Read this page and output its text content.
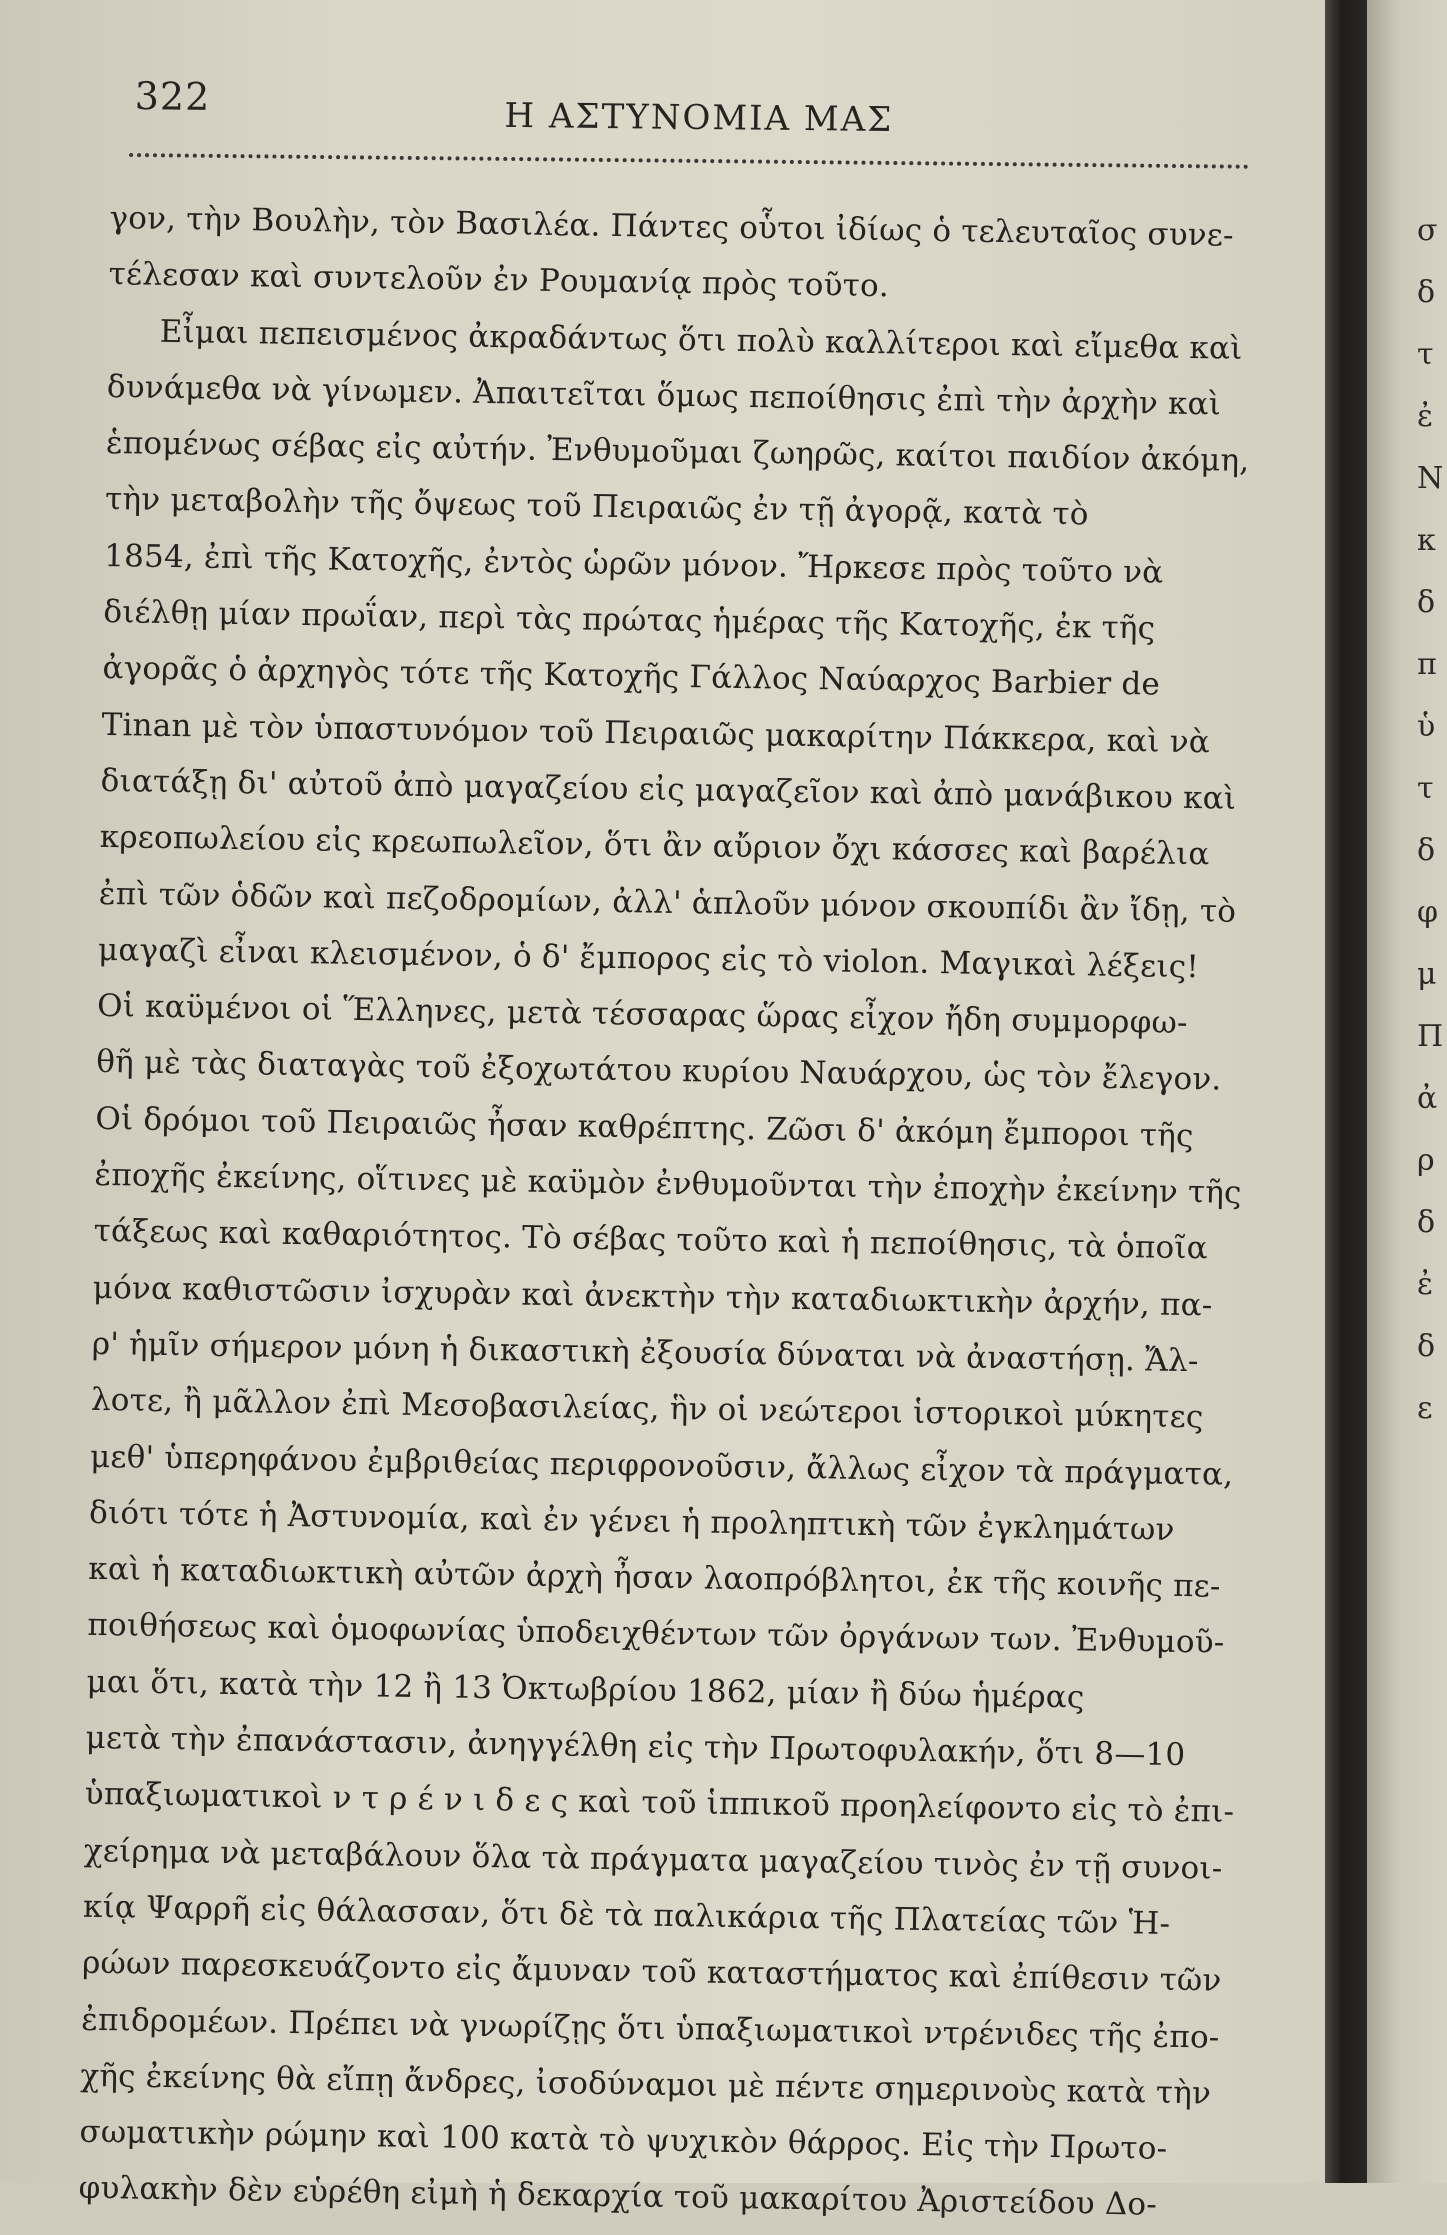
322	Η ΑΣΤΥΝΟΜΙΑ ΜΑΣ
γον, τὴν Βουλὴν, τὸν Βασιλέα. Πάντες οὗτοι ἰδίως ὁ τελευταῖος συνε-
τέλεσαν καὶ συντελοῦν ἐν Ρουμανίᾳ πρὸς τοῦτο.
Εἶμαι πεπεισμένος ἀκραδάντως ὅτι πολὺ καλλίτεροι καὶ εἴμεθα καὶ
δυνάμεθα νὰ γίνωμεν. Ἀπαιτεῖται ὅμως πεποίθησις ἐπὶ τὴν ἀρχὴν καὶ
ἑπομένως σέβας εἰς αὐτήν. Ἐνθυμοῦμαι ζωηρῶς, καίτοι παιδίον ἀκόμη,
τὴν μεταβολὴν τῆς ὄψεως τοῦ Πειραιῶς ἐν τῇ ἀγορᾷ, κατὰ τὸ
1854, ἐπὶ τῆς Κατοχῆς, ἐντὸς ὡρῶν μόνον. Ἤρκεσε πρὸς τοῦτο νὰ
διέλθῃ μίαν πρωΐαν, περὶ τὰς πρώτας ἡμέρας τῆς Κατοχῆς, ἐκ τῆς
ἀγορᾶς ὁ ἀρχηγὸς τότε τῆς Κατοχῆς Γάλλος Ναύαρχος Barbier de
Tinan μὲ τὸν ὑπαστυνόμον τοῦ Πειραιῶς μακαρίτην Πάκκερα, καὶ νὰ
διατάξῃ δι' αὐτοῦ ἀπὸ μαγαζείου εἰς μαγαζεῖον καὶ ἀπὸ μανάβικου καὶ
κρεοπωλείου εἰς κρεωπωλεῖον, ὅτι ἂν αὔριον ὄχι κάσσες καὶ βαρέλια
ἐπὶ τῶν ὁδῶν καὶ πεζοδρομίων, ἀλλ' ἁπλοῦν μόνον σκουπίδι ἂν ἴδῃ, τὸ
μαγαζὶ εἶναι κλεισμένον, ὁ δ' ἔμπορος εἰς τὸ violon. Μαγικαὶ λέξεις!
Οἱ καϋμένοι οἱ Ἕλληνες, μετὰ τέσσαρας ὥρας εἶχον ἤδη συμμορφω-
θῆ μὲ τὰς διαταγὰς τοῦ ἐξοχωτάτου κυρίου Ναυάρχου, ὡς τὸν ἔλεγον.
Οἱ δρόμοι τοῦ Πειραιῶς ἦσαν καθρέπτης. Ζῶσι δ' ἀκόμη ἔμποροι τῆς
ἐποχῆς ἐκείνης, οἵτινες μὲ καϋμὸν ἐνθυμοῦνται τὴν ἐποχὴν ἐκείνην τῆς
τάξεως καὶ καθαριότητος. Τὸ σέβας τοῦτο καὶ ἡ πεποίθησις, τὰ ὁποῖα
μόνα καθιστῶσιν ἰσχυρὰν καὶ ἀνεκτὴν τὴν καταδιωκτικὴν ἀρχήν, πα-
ρ' ἡμῖν σήμερον μόνη ἡ δικαστικὴ ἐξουσία δύναται νὰ ἀναστήσῃ. Ἄλ-
λοτε, ἢ μᾶλλον ἐπὶ Μεσοβασιλείας, ἣν οἱ νεώτεροι ἱστορικοὶ μύκητες
μεθ' ὑπερηφάνου ἐμβριθείας περιφρονοῦσιν, ἄλλως εἶχον τὰ πράγματα,
διότι τότε ἡ Ἀστυνομία, καὶ ἐν γένει ἡ προληπτικὴ τῶν ἐγκλημάτων
καὶ ἡ καταδιωκτικὴ αὐτῶν ἀρχὴ ἦσαν λαοπρόβλητοι, ἐκ τῆς κοινῆς πε-
ποιθήσεως καὶ ὁμοφωνίας ὑποδειχθέντων τῶν ὀργάνων των. Ἐνθυμοῦ-
μαι ὅτι, κατὰ τὴν 12 ἢ 13 Ὀκτωβρίου 1862, μίαν ἢ δύω ἡμέρας
μετὰ τὴν ἐπανάστασιν, ἀνηγγέλθη εἰς τὴν Πρωτοφυλακήν, ὅτι 8—10
ὑπαξιωματικοὶ ν τ ρ έ ν ι δ ε ς καὶ τοῦ ἱππικοῦ προηλείφοντο εἰς τὸ ἐπι-
χείρημα νὰ μεταβάλουν ὅλα τὰ πράγματα μαγαζείου τινὸς ἐν τῇ συνοι-
κίᾳ Ψαρρῆ εἰς θάλασσαν, ὅτι δὲ τὰ παλικάρια τῆς Πλατείας τῶν Ἡ-
ρώων παρεσκευάζοντο εἰς ἄμυναν τοῦ καταστήματος καὶ ἐπίθεσιν τῶν
ἐπιδρομέων. Πρέπει νὰ γνωρίζῃς ὅτι ὑπαξιωματικοὶ ντρένιδες τῆς ἐπο-
χῆς ἐκείνης θὰ εἴπῃ ἄνδρες, ἰσοδύναμοι μὲ πέντε σημερινοὺς κατὰ τὴν
σωματικὴν ρώμην καὶ 100 κατὰ τὸ ψυχικὸν θάρρος. Εἰς τὴν Πρωτο-
φυλακὴν δὲν εὑρέθη εἰμὴ ἡ δεκαρχία τοῦ μακαρίτου Ἀριστείδου Δο-
σ
δ
τ
ἐ
Ν
κ
δ
π
ὑ
τ
δ
φ
μ
Π
ἀ
ρ
δ
ἐ
δ
ε
